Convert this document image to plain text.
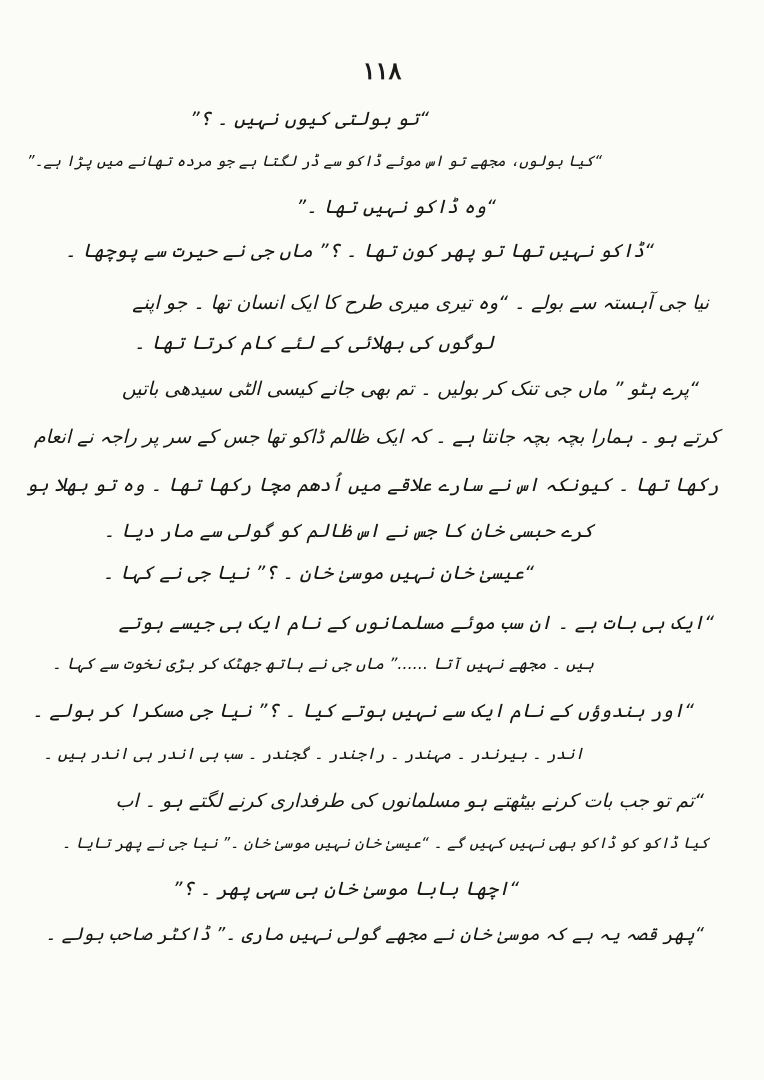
۱۱۸
“تو بولتی کیوں نہیں ۔ ؟”
“کیا بولوں، مجھے تو اس موئے ڈاکو سے ڈر لگتا ہے جو مردہ تھانے میں پڑا ہے۔”
“وہ ڈاکو نہیں تھا ۔”
“ڈاکو نہیں تھا تو پھر کون تھا ۔ ؟” ماں جی نے حیرت سے پوچھا ۔
نیا جی آہستہ سے بولے ۔ “وہ تیری میری طرح کا ایک انسان تھا ۔ جو اپنے
لوگوں کی بھلائی کے لئے کام کرتا تھا ۔
“پرے ہٹو ” ماں جی تنک کر بولیں ۔ تم بھی جانے کیسی الٹی سیدھی باتیں
کرتے ہو ۔ ہمارا بچہ بچہ جانتا ہے ۔ کہ ایک ظالم ڈاکو تھا جس کے سر پر راجہ نے انعام
رکھا تھا ۔ کیونکہ اس نے سارے علاقے میں اُدھم مچا رکھا تھا ۔ وہ تو بھلا ہو
کرے حبسی خان کا جس نے اس ظالم کو گولی سے مار دیا ۔
“عیسیٰ خان نہیں موسیٰ خان ۔ ؟” نیا جی نے کہا ۔
“ایک ہی بات ہے ۔ ان سب موئے مسلمانوں کے نام ایک ہی جیسے ہوتے
ہیں ۔ مجھے نہیں آتا ......” ماں جی نے ہاتھ جھٹک کر بڑی نخوت سے کہا ۔
“اور ہندوؤں کے نام ایک سے نہیں ہوتے کیا ۔ ؟” نیا جی مسکرا کر بولے ۔
اندر ۔ بیرندر ۔ مہندر ۔ راجندر ۔ گجندر ۔ سب ہی اندر ہی اندر ہیں ۔
“تم تو جب بات کرنے بیٹھتے ہو مسلمانوں کی طرفداری کرنے لگتے ہو ۔ اب
کیا ڈاکو کو ڈاکو بھی نہیں کہیں گے ۔ “عیسیٰ خان نہیں موسیٰ خان ۔” نیا جی نے پھر تایا ۔
“اچھا بابا موسیٰ خان ہی سہی پھر ۔ ؟”
“پھر قصہ یہ ہے کہ موسیٰ خان نے مجھے گولی نہیں ماری ۔” ڈاکٹر صاحب بولے ۔
